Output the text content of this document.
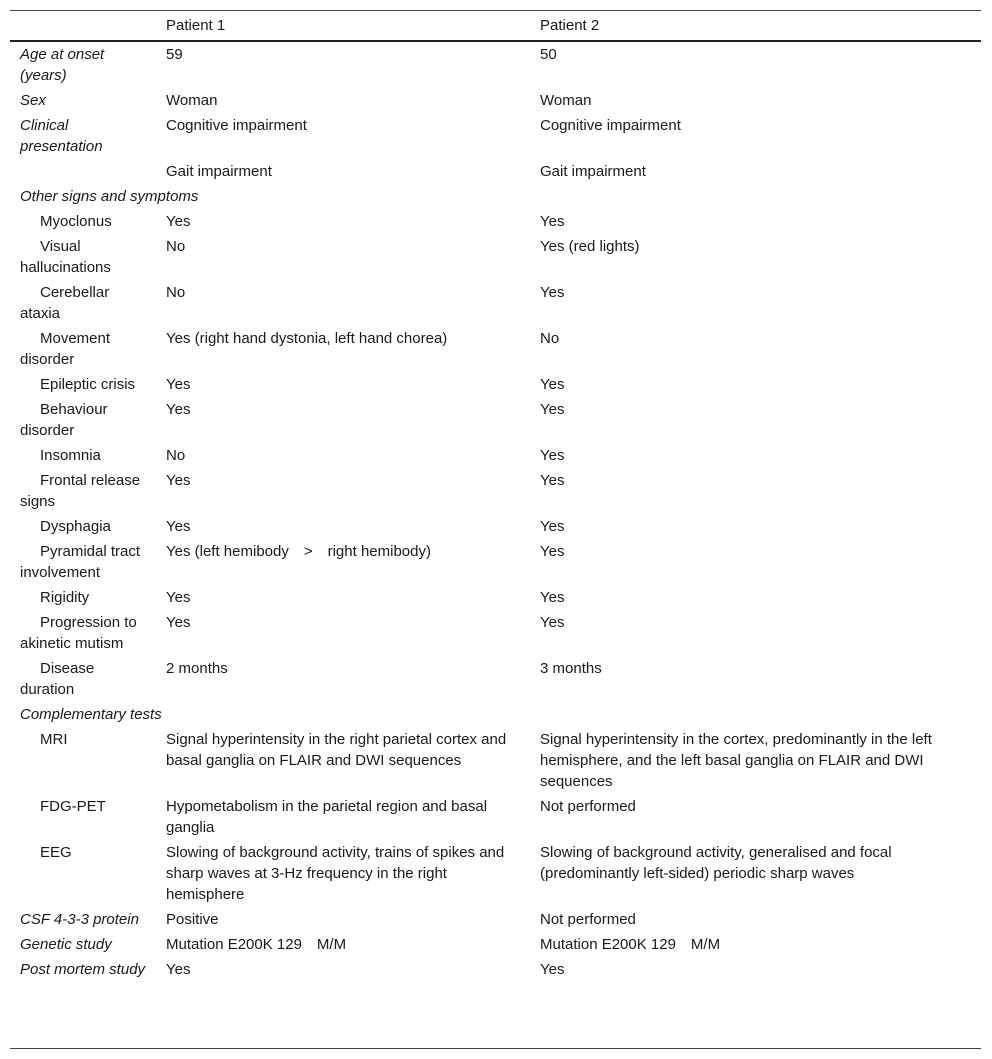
	Patient 1	Patient 2
Age at onset (years)	59	50
Sex	Woman	Woman
Clinical presentation	Cognitive impairment	Cognitive impairment
	Gait impairment	Gait impairment
Other signs and symptoms		
Myoclonus	Yes	Yes
Visual hallucinations	No	Yes (red lights)
Cerebellar ataxia	No	Yes
Movement disorder	Yes (right hand dystonia, left hand chorea)	No
Epileptic crisis	Yes	Yes
Behaviour disorder	Yes	Yes
Insomnia	No	Yes
Frontal release signs	Yes	Yes
Dysphagia	Yes	Yes
Pyramidal tract involvement	Yes (left hemibody > right hemibody)	Yes
Rigidity	Yes	Yes
Progression to akinetic mutism	Yes	Yes
Disease duration	2 months	3 months
Complementary tests		
MRI	Signal hyperintensity in the right parietal cortex and basal ganglia on FLAIR and DWI sequences	Signal hyperintensity in the cortex, predominantly in the left hemisphere, and the left basal ganglia on FLAIR and DWI sequences
FDG-PET	Hypometabolism in the parietal region and basal ganglia	Not performed
EEG	Slowing of background activity, trains of spikes and sharp waves at 3-Hz frequency in the right hemisphere	Slowing of background activity, generalised and focal (predominantly left-sided) periodic sharp waves
CSF 4-3-3 protein	Positive	Not performed
Genetic study	Mutation E200K 129 M/M	Mutation E200K 129 M/M
Post mortem study	Yes	Yes
